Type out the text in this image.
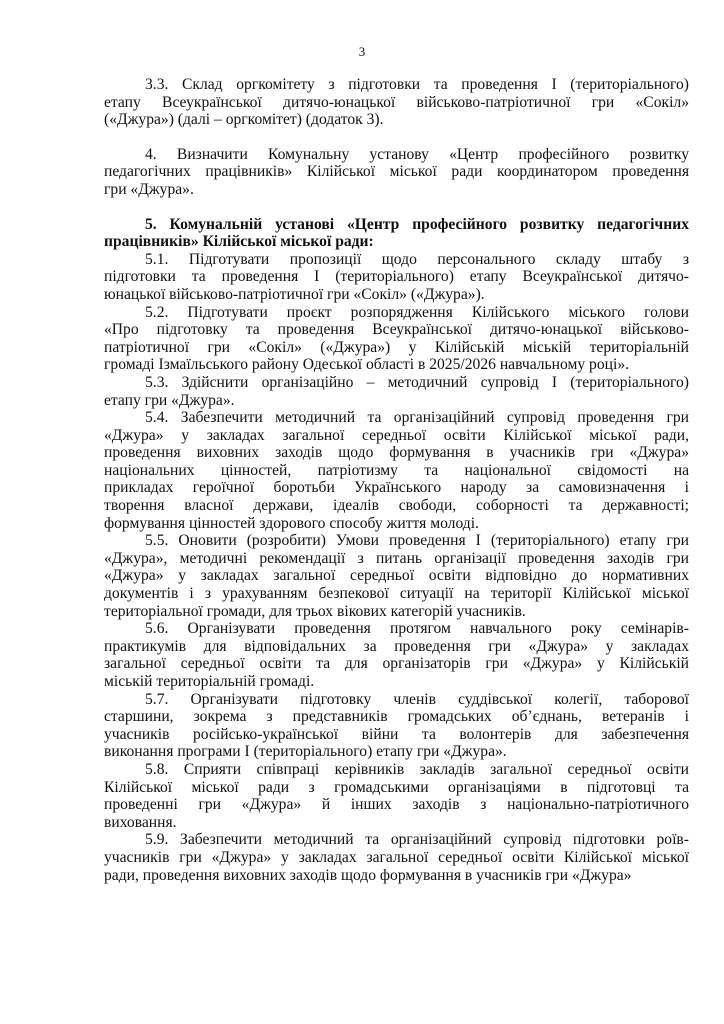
3
3.3. Склад оргкомітету з підготовки та проведення І (територіального)
етапу Всеукраїнської дитячо-юнацької військово-патріотичної гри «Сокіл»
(«Джура») (далі – оргкомітет) (додаток 3).
4. Визначити Комунальну установу «Центр професійного розвитку
педагогічних працівників» Кілійської міської ради координатором проведення
гри «Джура».
5. Комунальній установі «Центр професійного розвитку педагогічних
працівників» Кілійської міської ради:
5.1. Підготувати пропозиції щодо персонального складу штабу з
підготовки та проведення І (територіального) етапу Всеукраїнської дитячо-
юнацької військово-патріотичної гри «Сокіл» («Джура»).
5.2. Підготувати проєкт розпорядження Кілійського міського голови
«Про підготовку та проведення Всеукраїнської дитячо-юнацької військово-
патріотичної гри «Сокіл» («Джура») у Кілійській міській територіальній
громаді Ізмаїльського району Одеської області в 2025/2026 навчальному році».
5.3. Здійснити організаційно – методичний супровід І (територіального)
етапу гри «Джура».
5.4. Забезпечити методичний та організаційний супровід проведення гри
«Джура» у закладах загальної середньої освіти Кілійської міської ради,
проведення виховних заходів щодо формування в учасників гри «Джура»
національних цінностей, патріотизму та національної свідомості на
прикладах героїчної боротьби Українського народу за самовизначення і
творення власної держави, ідеалів свободи, соборності та державності;
формування цінностей здорового способу життя молоді.
5.5. Оновити (розробити) Умови проведення І (територіального) етапу гри
«Джура», методичні рекомендації з питань організації проведення заходів гри
«Джура» у закладах загальної середньої освіти відповідно до нормативних
документів і з урахуванням безпекової ситуації на території Кілійської міської
територіальної громади, для трьох вікових категорій учасників.
5.6. Організувати проведення протягом навчального року семінарів-
практикумів для відповідальних за проведення гри «Джура» у закладах
загальної середньої освіти та для організаторів гри «Джура» у Кілійській
міській територіальній громаді.
5.7. Організувати підготовку членів суддівської колегії, таборової
старшини, зокрема з представників громадських об’єднань, ветеранів і
учасників російсько-української війни та волонтерів для забезпечення
виконання програми І (територіального) етапу гри «Джура».
5.8. Сприяти співпраці керівників закладів загальної середньої освіти
Кілійської міської ради з громадськими організаціями в підготовці та
проведенні гри «Джура» й інших заходів з національно-патріотичного
виховання.
5.9. Забезпечити методичний та організаційний супровід підготовки роїв-
учасників гри «Джура» у закладах загальної середньої освіти Кілійської міської
ради, проведення виховних заходів щодо формування в учасників гри «Джура»
